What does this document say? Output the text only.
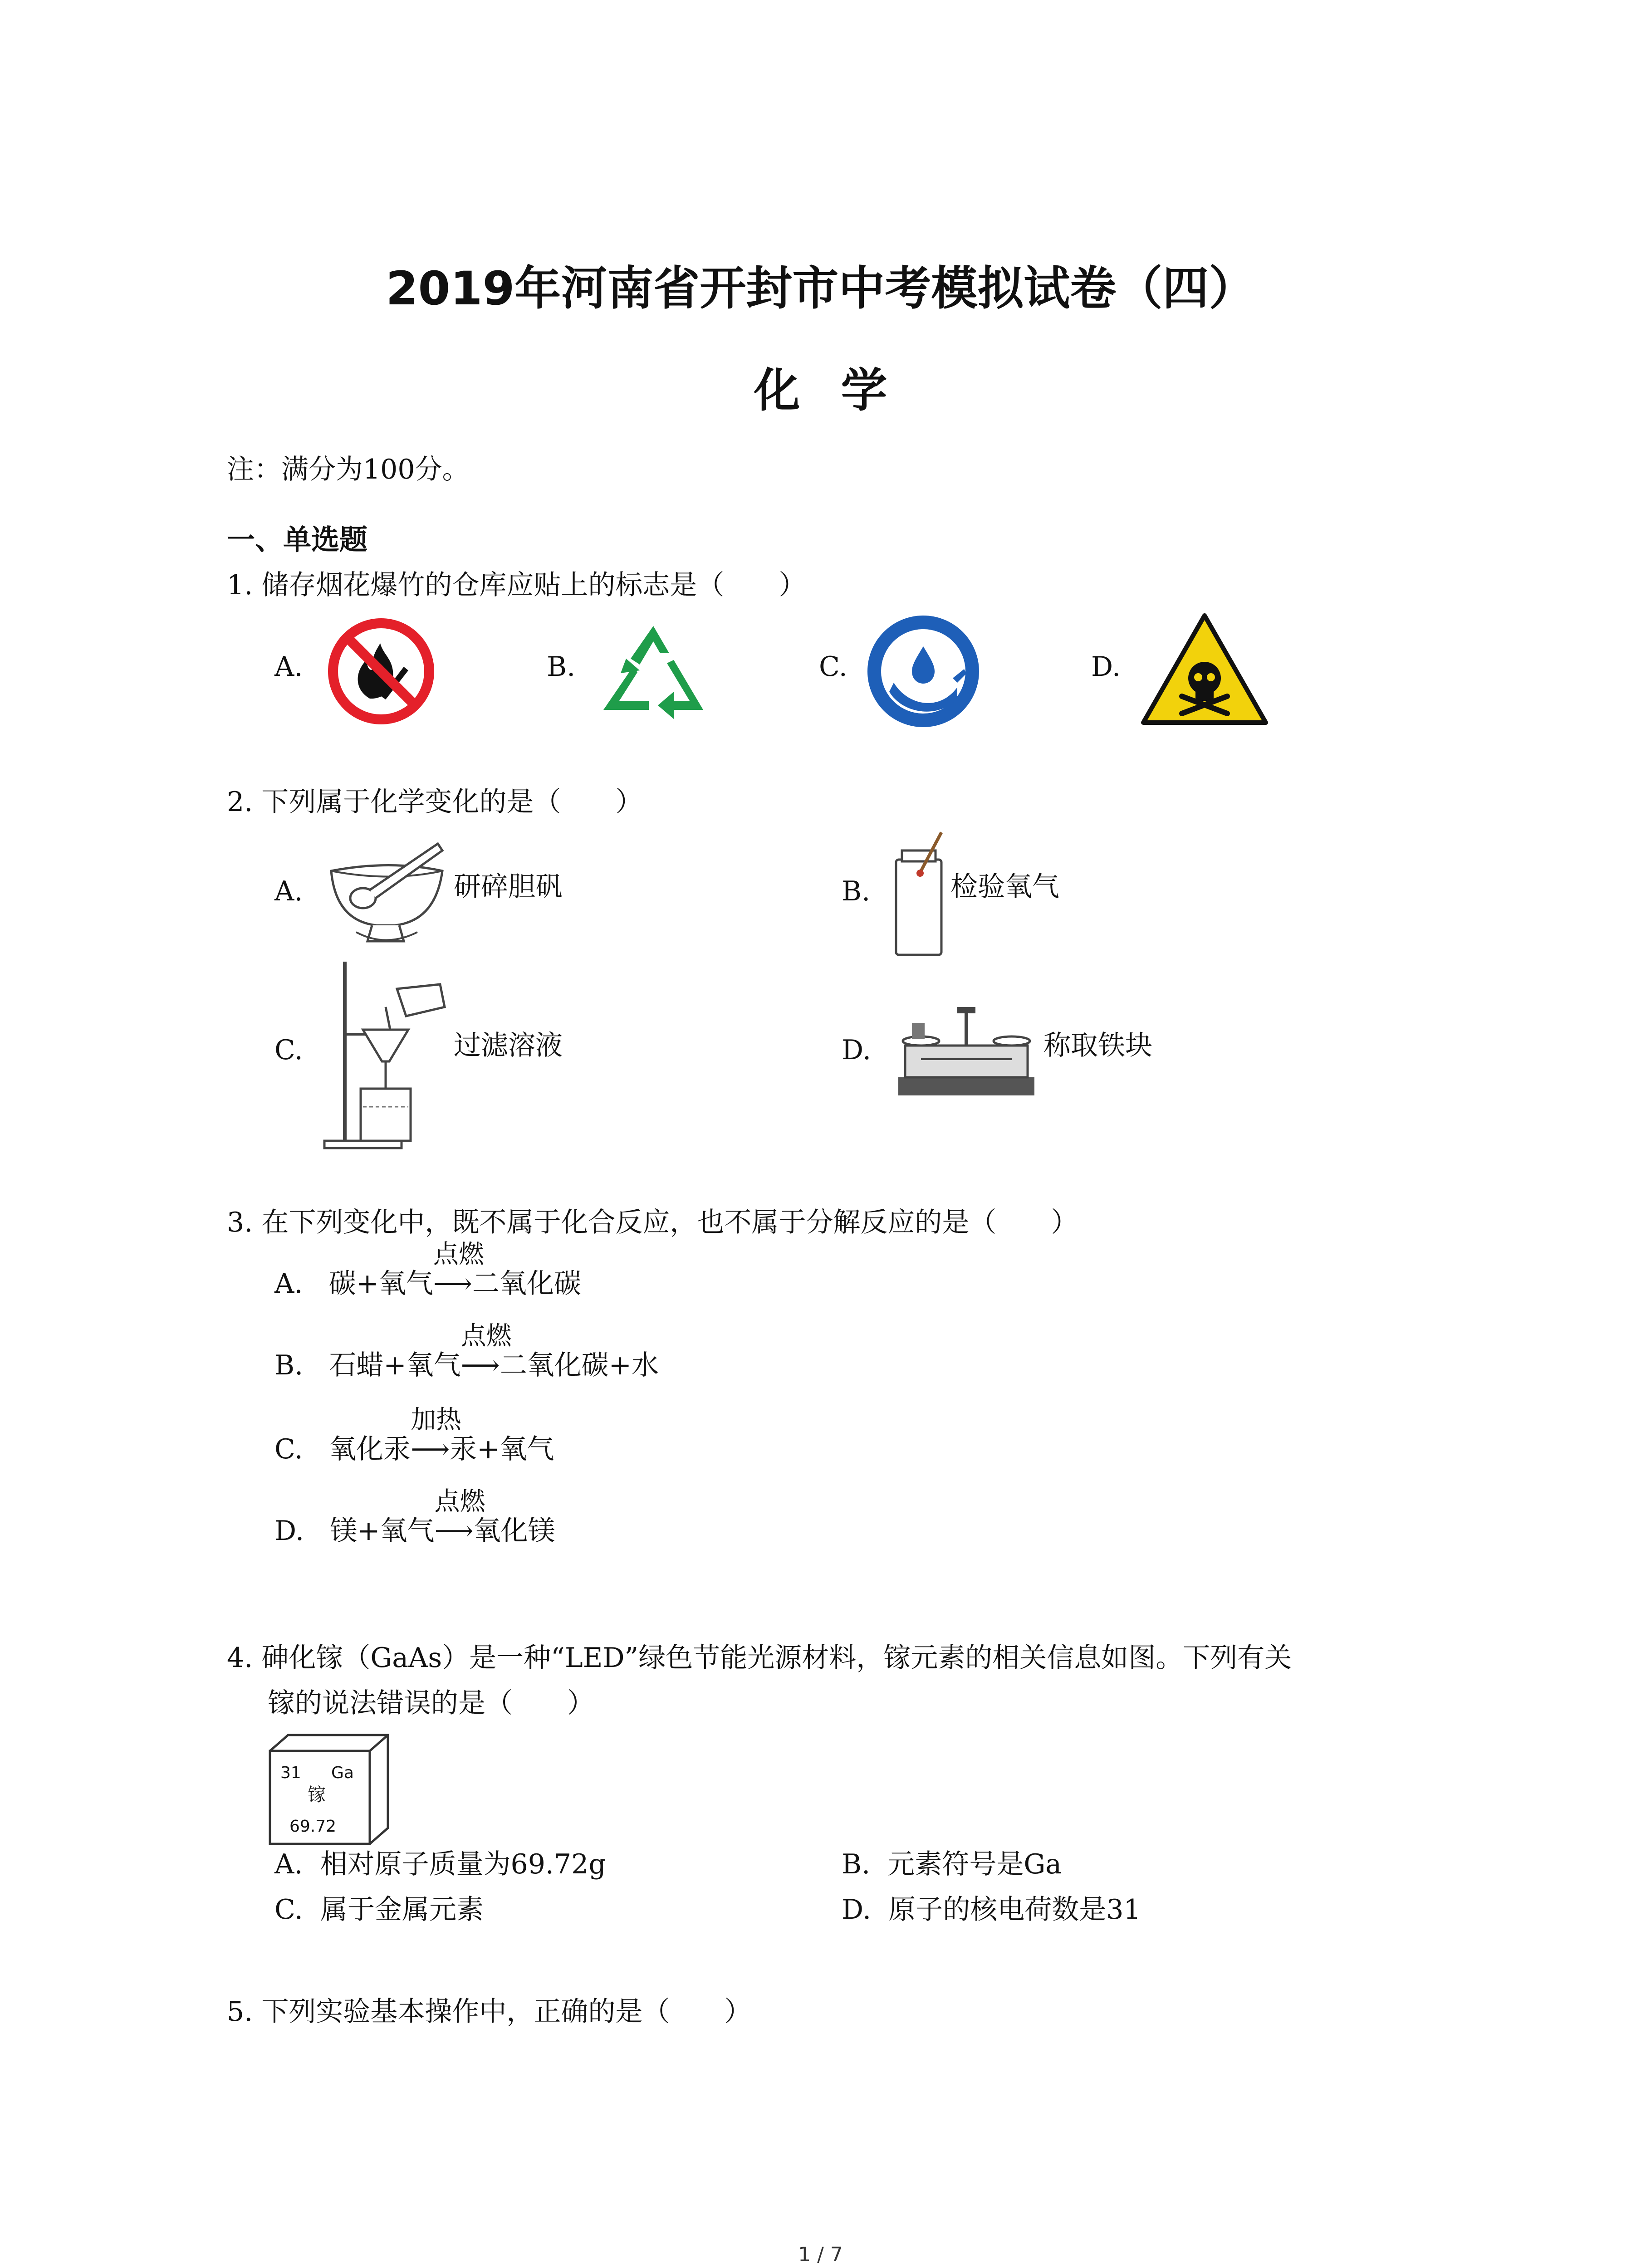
2019年河南省开封市中考模拟试卷（四）
化学
注：满分为100分。
一、单选题
1. 储存烟花爆竹的仓库应贴上的标志是（　　）
A.	B.	C.	D.
2. 下列属于化学变化的是（　　）
A.	研碎胆矾	B.	检验氧气
C.	过滤溶液	D.	称取铁块
3. 在下列变化中，既不属于化合反应，也不属于分解反应的是（　　）
A. 碳+氧气
点燃
⟶二氧化碳
B. 石蜡+氧气
点燃
⟶二氧化碳+水
C. 氧化汞
加热
⟶汞+氧气
D. 镁+氧气
点燃
⟶氧化镁
4. 砷化镓（GaAs）是一种“LED”绿色节能光源材料，镓元素的相关信息如图。下列有关
镓的说法错误的是（　　）
31 Ga
镓
69.72
A. 相对原子质量为69.72g	B. 元素符号是Ga
C. 属于金属元素	D. 原子的核电荷数是31
5. 下列实验基本操作中，正确的是（　　）
1 / 7
